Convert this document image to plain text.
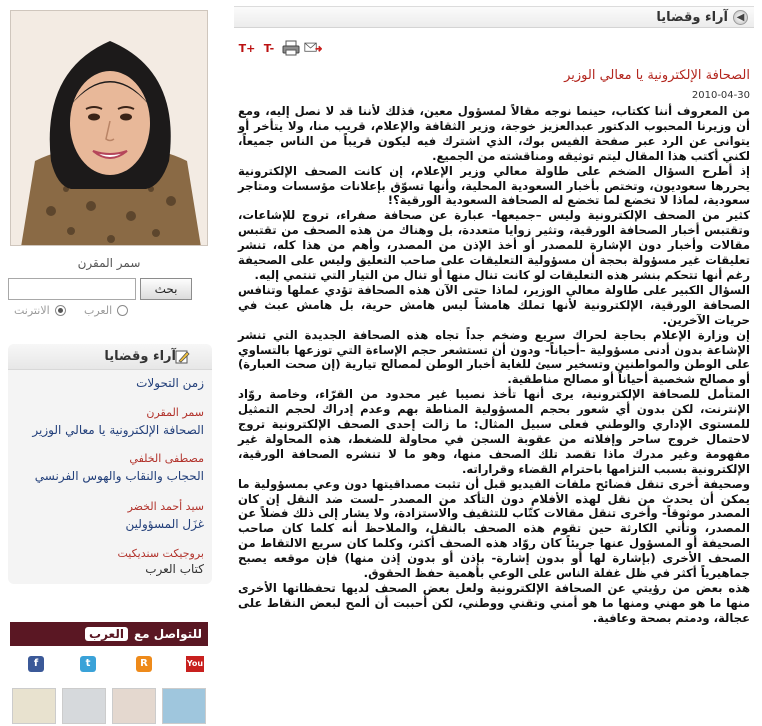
سمر المقرن
بحث
العرب
الانترنت
آراء وقضايا
زمن التحولات
سمر المقرن
الصحافة الإلكترونية يا معالي الوزير
مصطفى الخلفي
الحجاب والنقاب والهوس الفرنسي
سيد أحمد الخضر
غزَل المسؤولين
بروجيكت سنديكيت
كتاب العرب
للتواصل مع
العرب
You
R
t
f
آراء وقضايا ◀
T+ T-
الصحافة الإلكترونية يا معالي الوزير
2010-04-30

من المعروف أننا ككتاب، حينما نوجه مقالاً لمسؤول معين، فذلك لأننا قد لا نصل إليه، ومع أن وزيرنا المحبوب الدكتور عبدالعزيز خوجة، وزير الثقافة والإعلام، قريب منا، ولا يتأخر أو يتوانى عن الرد عبر صفحة الفيس بوك، الذي اشترك فيه ليكون قريباً من الناس جميعاً، لكني أكتب هذا المقال ليتم توثيقه ومناقشته من الجميع.

إذ أطرح السؤال الضخم على طاولة معالي وزير الإعلام، إن كانت الصحف الإلكترونية يحررها سعوديون، وتختص بأخبار السعودية المحلية، وأنها تسوّق بإعلانات مؤسسات ومتاجر سعودية، لماذا لا تخضع لما تخضع له الصحافة السعودية الورقية؟!

كثير من الصحف الإلكترونية وليس –جميعها- عبارة عن صحافة صفراء، تروج للإشاعات، وتقتبس أخبار الصحافة الورقية، وتثير زوايا متعددة، بل وهناك من هذه الصحف من تقتبس مقالات وأخبار دون الإشارة للمصدر أو أخذ الإذن من المصدر، وأهم من هذا كله، تنشر تعليقات غير مسؤولة بحجة أن مسؤولية التعليقات على صاحب التعليق وليس على الصحيفة رغم أنها تتحكم بنشر هذه التعليقات لو كانت تنال منها أو تنال من التيار التي تنتمي إليه.

السؤال الكبير على طاولة معالي الوزير، لماذا حتى الآن هذه الصحافة تؤدي عملها وتنافس الصحافة الورقية، الإلكترونية لأنها تملك هامشاً ليس هامش حرية، بل هامش عبث في حريات الآخرين.

إن وزارة الإعلام بحاجة لحراك سريع وضخم جداً تجاه هذه الصحافة الجديدة التي تنشر الإشاعة بدون أدنى مسؤولية –أحياناً- ودون أن تستشعر حجم الإساءة التي توزعها بالتساوي على الوطن والمواطنين وتسخير سيئ للغاية أخبار الوطن لمصالح تيارية (إن صحت العبارة) أو مصالح شخصية أحياناً أو مصالح مناطقية.

المتأمل للصحافة الإلكترونية، يرى أنها تأخذ نصيبا غير محدود من القرّاء، وخاصة روّاد الإنترنت، لكن بدون أي شعور بحجم المسؤولية المناطة بهم وعدم إدراك لحجم التمثيل للمستوى الإداري والوطني فعلى سبيل المثال: ما زالت إحدى الصحف الإلكترونية تروج لاحتمال خروج ساحر وإفلاته من عقوبة السجن في محاولة للضغط، هذه المحاولة غير مفهومة وغير مدرك ماذا تقصد تلك الصحف منها، وهو ما لا تنشره الصحافة الورقية، الإلكترونية بسبب التزامها باحترام القضاء وقراراته.

وصحيفة أخرى تنقل فضائح ملفات الفيديو قبل أن تثبت مصداقيتها دون وعي بمسؤولية ما يمكن أن يحدث من نقل لهذه الأفلام دون التأكد من المصدر –لست ضد النقل إن كان المصدر موثوقاً- وأخرى تنقل مقالات كتّاب للتثقيف والاستزادة، ولا يشار إلى ذلك فضلاً عن المصدر، وتأتي الكارثة حين تقوم هذه الصحف بالنقل، والملاحظ أنه كلما كان صاحب الصحيفة أو المسؤول عنها جريئاً كان روّاد هذه الصحف أكثر، وكلما كان سريع الالتقاط من الصحف الأخرى (بإشارة لها أو بدون إشارة- بإذن أو بدون إذن منها) فإن موقعه يصبح جماهيرياً أكثر في ظل غفلة الناس على الوعي بأهمية حفظ الحقوق.

هذه بعض من رؤيتي عن الصحافة الإلكترونية ولعل بعض الصحف لديها تحفظاتها الأخرى منها ما هو مهني ومنها ما هو أمني وتقني ووطني، لكن أحببت أن ألمح لبعض النقاط على عجالة، ودمتم بصحة وعافية.
